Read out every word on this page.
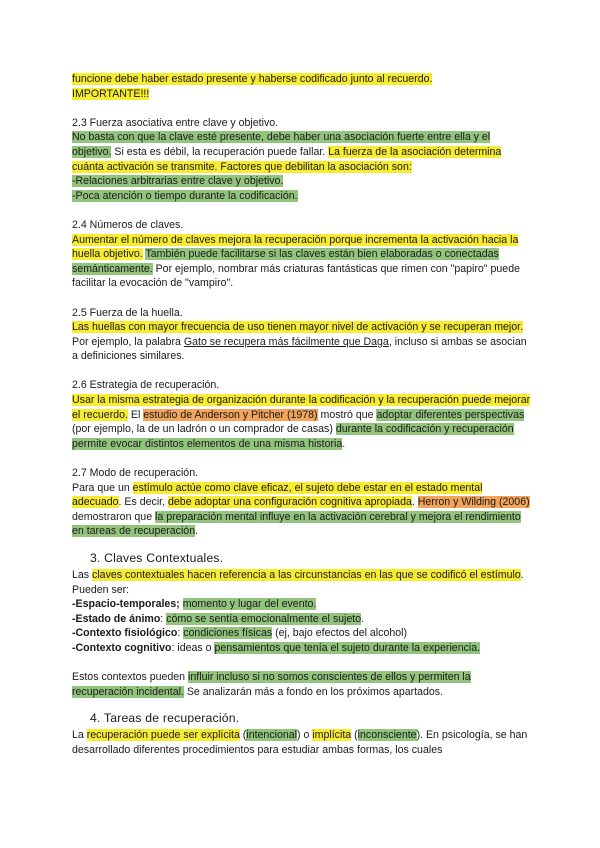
funcione debe haber estado presente y haberse codificado junto al recuerdo.
IMPORTANTE!!!

2.3 Fuerza asociativa entre clave y objetivo.

No basta con que la clave esté presente, debe haber una asociación fuerte entre ella y el objetivo. Si esta es débil, la recuperación puede fallar. La fuerza de la asociación determina cuánta activación se transmite. Factores que debilitan la asociación son:
-Relaciones arbitrarias entre clave y objetivo.
-Poca atención o tiempo durante la codificación.

2.4 Números de claves.

Aumentar el número de claves mejora la recuperación porque incrementa la activación hacia la huella objetivo. También puede facilitarse si las claves están bien elaboradas o conectadas semánticamente. Por ejemplo, nombrar más criaturas fantásticas que rimen con "papiro" puede facilitar la evocación de "vampiro".

2.5 Fuerza de la huella.

Las huellas con mayor frecuencia de uso tienen mayor nivel de activación y se recuperan mejor. Por ejemplo, la palabra Gato se recupera más fácilmente que Daga, incluso si ambas se asocian a definiciones similares.

2.6 Estrategia de recuperación.

Usar la misma estrategia de organización durante la codificación y la recuperación puede mejorar el recuerdo. El estudio de Anderson y Pitcher (1978) mostró que adoptar diferentes perspectivas (por ejemplo, la de un ladrón o un comprador de casas) durante la codificación y recuperación permite evocar distintos elementos de una misma historia.

2.7 Modo de recuperación.

Para que un estímulo actúe como clave eficaz, el sujeto debe estar en el estado mental adecuado. Es decir, debe adoptar una configuración cognitiva apropiada. Herron y Wilding (2006) demostraron que la preparación mental influye en la activación cerebral y mejora el rendimiento en tareas de recuperación.

3. Claves Contextuales.

Las claves contextuales hacen referencia a las circunstancias en las que se codificó el estímulo. Pueden ser:

-Espacio-temporales; momento y lugar del evento.

-Estado de ánimo: cómo se sentía emocionalmente el sujeto.

-Contexto fisiológico: condiciones físicas (ej, bajo efectos del alcohol)

-Contexto cognitivo: ideas o pensamientos que tenía el sujeto durante la experiencia.

Estos contextos pueden influir incluso si no somos conscientes de ellos y permiten la recuperación incidental. Se analizarán más a fondo en los próximos apartados.

4. Tareas de recuperación.

La recuperación puede ser explícita (intencional) o implícita (inconsciente). En psicología, se han desarrollado diferentes procedimientos para estudiar ambas formas, los cuales
